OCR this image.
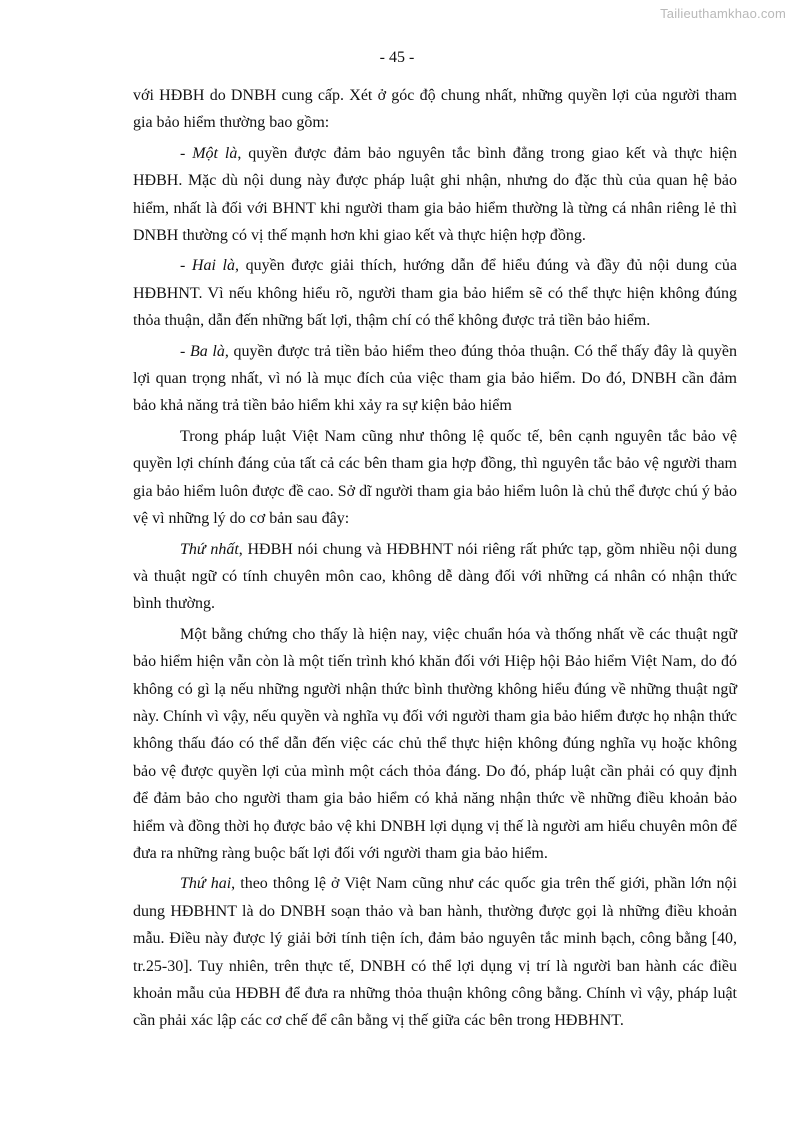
Tailieuthamkhao.com
- 45 -

với HĐBH do DNBH cung cấp. Xét ở góc độ chung nhất, những quyền lợi của người tham gia bảo hiểm thường bao gồm:

- Một là, quyền được đảm bảo nguyên tắc bình đẳng trong giao kết và thực hiện HĐBH. Mặc dù nội dung này được pháp luật ghi nhận, nhưng do đặc thù của quan hệ bảo hiểm, nhất là đối với BHNT khi người tham gia bảo hiểm thường là từng cá nhân riêng lẻ thì DNBH thường có vị thế mạnh hơn khi giao kết và thực hiện hợp đồng.

- Hai là, quyền được giải thích, hướng dẫn để hiểu đúng và đầy đủ nội dung của HĐBHNT. Vì nếu không hiểu rõ, người tham gia bảo hiểm sẽ có thể thực hiện không đúng thỏa thuận, dẫn đến những bất lợi, thậm chí có thể không được trả tiền bảo hiểm.

- Ba là, quyền được trả tiền bảo hiểm theo đúng thỏa thuận. Có thể thấy đây là quyền lợi quan trọng nhất, vì nó là mục đích của việc tham gia bảo hiểm. Do đó, DNBH cần đảm bảo khả năng trả tiền bảo hiểm khi xảy ra sự kiện bảo hiểm

Trong pháp luật Việt Nam cũng như thông lệ quốc tế, bên cạnh nguyên tắc bảo vệ quyền lợi chính đáng của tất cả các bên tham gia hợp đồng, thì nguyên tắc bảo vệ người tham gia bảo hiểm luôn được đề cao. Sở dĩ người tham gia bảo hiểm luôn là chủ thể được chú ý bảo vệ vì những lý do cơ bản sau đây:

Thứ nhất, HĐBH nói chung và HĐBHNT nói riêng rất phức tạp, gồm nhiều nội dung và thuật ngữ có tính chuyên môn cao, không dễ dàng đối với những cá nhân có nhận thức bình thường.

Một bằng chứng cho thấy là hiện nay, việc chuẩn hóa và thống nhất về các thuật ngữ bảo hiểm hiện vẫn còn là một tiến trình khó khăn đối với Hiệp hội Bảo hiểm Việt Nam, do đó không có gì lạ nếu những người nhận thức bình thường không hiểu đúng về những thuật ngữ này. Chính vì vậy, nếu quyền và nghĩa vụ đối với người tham gia bảo hiểm được họ nhận thức không thấu đáo có thể dẫn đến việc các chủ thể thực hiện không đúng nghĩa vụ hoặc không bảo vệ được quyền lợi của mình một cách thỏa đáng. Do đó, pháp luật cần phải có quy định để đảm bảo cho người tham gia bảo hiểm có khả năng nhận thức về những điều khoản bảo hiểm và đồng thời họ được bảo vệ khi DNBH lợi dụng vị thế là người am hiểu chuyên môn để đưa ra những ràng buộc bất lợi đối với người tham gia bảo hiểm.

Thứ hai, theo thông lệ ở Việt Nam cũng như các quốc gia trên thế giới, phần lớn nội dung HĐBHNT là do DNBH soạn thảo và ban hành, thường được gọi là những điều khoản mẫu. Điều này được lý giải bởi tính tiện ích, đảm bảo nguyên tắc minh bạch, công bằng [40, tr.25-30]. Tuy nhiên, trên thực tế, DNBH có thể lợi dụng vị trí là người ban hành các điều khoản mẫu của HĐBH để đưa ra những thỏa thuận không công bằng. Chính vì vậy, pháp luật cần phải xác lập các cơ chế để cân bằng vị thế giữa các bên trong HĐBHNT.
